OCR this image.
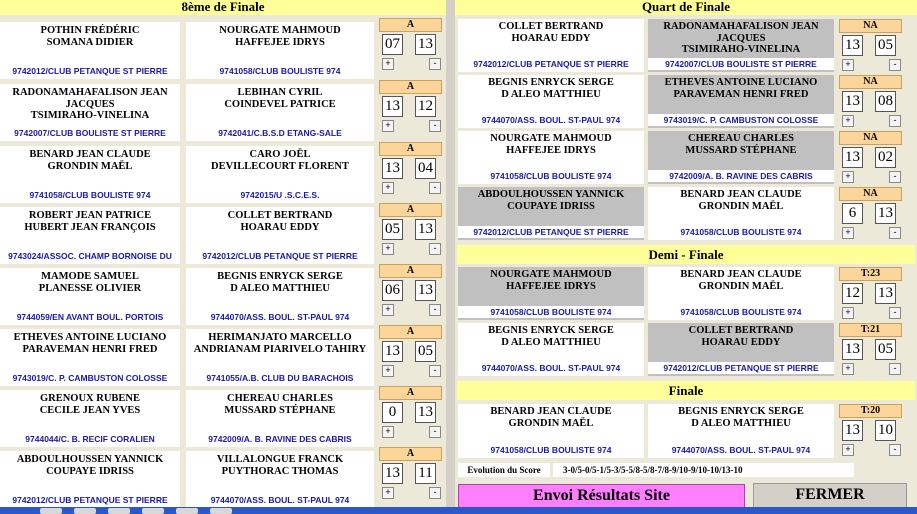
8ème de Finale	Quart de Finale
Demi - Finale
Finale
POTHIN FRÉDÉRIC
SOMANA DIDIER
9742012/CLUB PETANQUE ST PIERRE
NOURGATE MAHMOUD
HAFFEJEE IDRYS
9741058/CLUB BOULISTE 974
A
07 13
+	-
RADONAMAHAFALISON JEAN
JACQUES
TSIMIRAHO-VINELINA
9742007/CLUB BOULISTE ST PIERRE
LEBIHAN CYRIL
COINDEVEL PATRICE
9742041/C.B.S.D ETANG-SALE
A
13 12
+	-
BENARD JEAN CLAUDE
GRONDIN MAËL
9741058/CLUB BOULISTE 974
CARO JOËL
DEVILLECOURT FLORENT
9742015/U .S.C.E.S.
A
13 04
+	-
ROBERT JEAN PATRICE
HUBERT JEAN FRANÇOIS
9743024/ASSOC. CHAMP BORNOISE DU
COLLET BERTRAND
HOARAU EDDY
9742012/CLUB PETANQUE ST PIERRE
A
05 13
+	-
MAMODE SAMUEL
PLANESSE OLIVIER
9744059/EN AVANT BOUL. PORTOIS
BEGNIS ENRYCK SERGE
D ALEO MATTHIEU
9744070/ASS. BOUL. ST-PAUL 974
A
06 13
+	-
ETHEVES ANTOINE LUCIANO
PARAVEMAN HENRI FRED
9743019/C. P. CAMBUSTON COLOSSE
HERIMANJATO MARCELLO
ANDRIANAM PIARIVELO TAHIRY
9741055/A.B. CLUB DU BARACHOIS
A
13 05
+	-
GRENOUX RUBENE
CECILE JEAN YVES
9744044/C. B. RECIF CORALIEN
CHEREAU CHARLES
MUSSARD STÉPHANE
9742009/A. B. RAVINE DES CABRIS
A
0	13
+	-
ABDOULHOUSSEN YANNICK
COUPAYE IDRISS
9742012/CLUB PETANQUE ST PIERRE
VILLALONGUE FRANCK
PUYTHORAC THOMAS
9744070/ASS. BOUL. ST-PAUL 974
A
13 11
+	-
COLLET BERTRAND
HOARAU EDDY
9742012/CLUB PETANQUE ST PIERRE
RADONAMAHAFALISON JEAN
JACQUES
TSIMIRAHO-VINELINA
9742007/CLUB BOULISTE ST PIERRE
NA
13 05
+	-
BEGNIS ENRYCK SERGE
D ALEO MATTHIEU
9744070/ASS. BOUL. ST-PAUL 974
ETHEVES ANTOINE LUCIANO
PARAVEMAN HENRI FRED
9743019/C. P. CAMBUSTON COLOSSE
NA
13 08
+	-
NOURGATE MAHMOUD
HAFFEJEE IDRYS
9741058/CLUB BOULISTE 974
CHEREAU CHARLES
MUSSARD STÉPHANE
9742009/A. B. RAVINE DES CABRIS
NA
13 02
+	-
ABDOULHOUSSEN YANNICK
COUPAYE IDRISS
9742012/CLUB PETANQUE ST PIERRE
BENARD JEAN CLAUDE
GRONDIN MAËL
9741058/CLUB BOULISTE 974
NA
6	13
+	-
NOURGATE MAHMOUD
HAFFEJEE IDRYS
9741058/CLUB BOULISTE 974
BENARD JEAN CLAUDE
GRONDIN MAËL
9741058/CLUB BOULISTE 974
T:23
12 13
+	-
BEGNIS ENRYCK SERGE
D ALEO MATTHIEU
9744070/ASS. BOUL. ST-PAUL 974
COLLET BERTRAND
HOARAU EDDY
9742012/CLUB PETANQUE ST PIERRE
T:21
13 05
+	-
BENARD JEAN CLAUDE
GRONDIN MAËL
9741058/CLUB BOULISTE 974
BEGNIS ENRYCK SERGE
D ALEO MATTHIEU
9744070/ASS. BOUL. ST-PAUL 974
T:20
13 10
+	-
Evolution du Score	3-0/5-0/5-1/5-3/5-5/8-5/8-7/8-9/10-9/10-10/13-10
Envoi Résultats Site	FERMER
